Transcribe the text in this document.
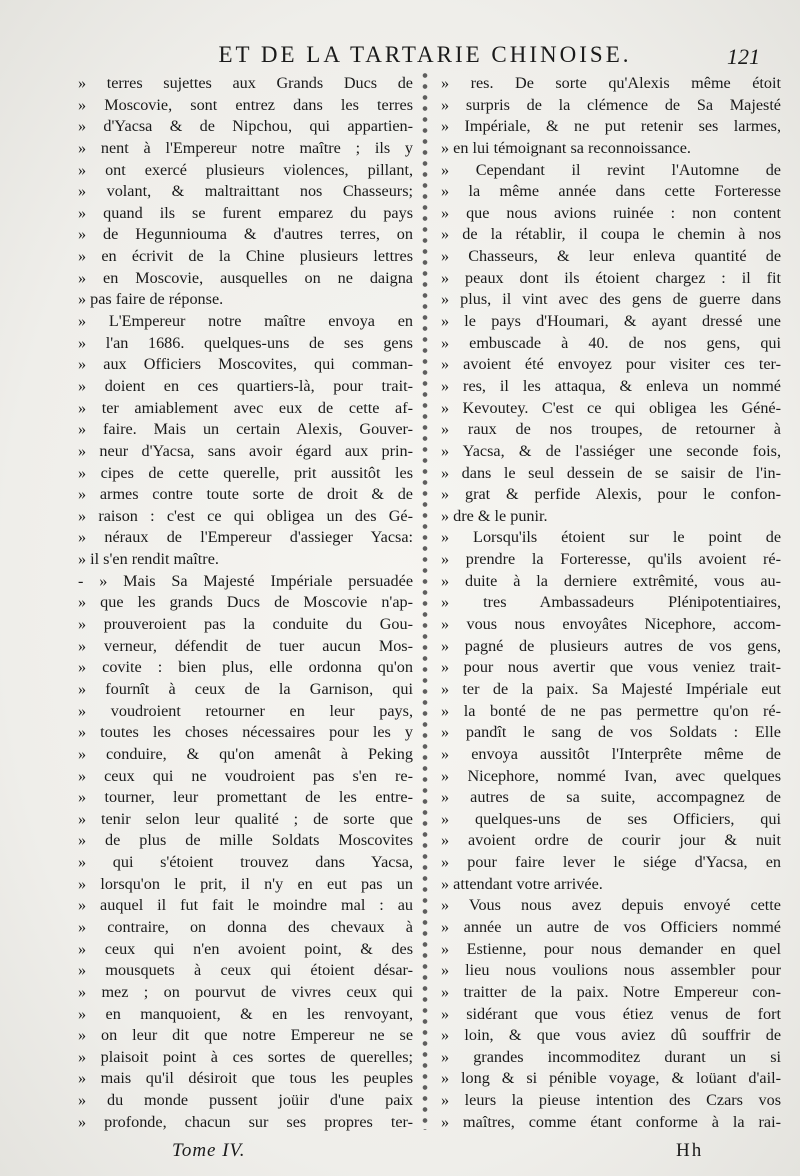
ET DE LA TARTARIE CHINOISE.	121
» terres sujettes aux Grands Ducs de
» Moscovie, sont entrez dans les terres
» d'Yacsa & de Nipchou, qui appartien-
» nent à l'Empereur notre maître ; ils y
» ont exercé plusieurs violences, pillant,
» volant, & maltraittant nos Chasseurs;
» quand ils se furent emparez du pays
» de Hegunniouma & d'autres terres, on
» en écrivit de la Chine plusieurs lettres
» en Moscovie, ausquelles on ne daigna
» pas faire de réponse.
» L'Empereur notre maître envoya en
» l'an 1686. quelques-uns de ses gens
» aux Officiers Moscovites, qui comman-
» doient en ces quartiers-là, pour trait-
» ter amiablement avec eux de cette af-
» faire. Mais un certain Alexis, Gouver-
» neur d'Yacsa, sans avoir égard aux prin-
» cipes de cette querelle, prit aussitôt les
» armes contre toute sorte de droit & de
» raison : c'est ce qui obligea un des Gé-
» néraux de l'Empereur d'assieger Yacsa:
» il s'en rendit maître.
- » Mais Sa Majesté Impériale persuadée
» que les grands Ducs de Moscovie n'ap-
» prouveroient pas la conduite du Gou-
» verneur, défendit de tuer aucun Mos-
» covite : bien plus, elle ordonna qu'on
» fournît à ceux de la Garnison, qui
» voudroient retourner en leur pays,
» toutes les choses nécessaires pour les y
» conduire, & qu'on amenât à Peking
» ceux qui ne voudroient pas s'en re-
» tourner, leur promettant de les entre-
» tenir selon leur qualité ; de sorte que
» de plus de mille Soldats Moscovites
» qui s'étoient trouvez dans Yacsa,
» lorsqu'on le prit, il n'y en eut pas un
» auquel il fut fait le moindre mal : au
» contraire, on donna des chevaux à
» ceux qui n'en avoient point, & des
» mousquets à ceux qui étoient désar-
» mez ; on pourvut de vivres ceux qui
» en manquoient, & en les renvoyant,
» on leur dit que notre Empereur ne se
» plaisoit point à ces sortes de querelles;
» mais qu'il désiroit que tous les peuples
» du monde pussent joüir d'une paix
» profonde, chacun sur ses propres ter-
» res. De sorte qu'Alexis même étoit
» surpris de la clémence de Sa Majesté
» Impériale, & ne put retenir ses larmes,
» en lui témoignant sa reconnoissance.
» Cependant il revint l'Automne de
» la même année dans cette Forteresse
» que nous avions ruinée : non content
» de la rétablir, il coupa le chemin à nos
» Chasseurs, & leur enleva quantité de
» peaux dont ils étoient chargez : il fit
» plus, il vint avec des gens de guerre dans
» le pays d'Houmari, & ayant dressé une
» embuscade à 40. de nos gens, qui
» avoient été envoyez pour visiter ces ter-
» res, il les attaqua, & enleva un nommé
» Kevoutey. C'est ce qui obligea les Géné-
» raux de nos troupes, de retourner à
» Yacsa, & de l'assiéger une seconde fois,
» dans le seul dessein de se saisir de l'in-
» grat & perfide Alexis, pour le confon-
» dre & le punir.
» Lorsqu'ils étoient sur le point de
» prendre la Forteresse, qu'ils avoient ré-
» duite à la derniere extrêmité, vous au-
» tres Ambassadeurs Plénipotentiaires,
» vous nous envoyâtes Nicephore, accom-
» pagné de plusieurs autres de vos gens,
» pour nous avertir que vous veniez trait-
» ter de la paix. Sa Majesté Impériale eut
» la bonté de ne pas permettre qu'on ré-
» pandît le sang de vos Soldats : Elle
» envoya aussitôt l'Interprête même de
» Nicephore, nommé Ivan, avec quelques
» autres de sa suite, accompagnez de
» quelques-uns de ses Officiers, qui
» avoient ordre de courir jour & nuit
» pour faire lever le siége d'Yacsa, en
» attendant votre arrivée.
» Vous nous avez depuis envoyé cette
» année un autre de vos Officiers nommé
» Estienne, pour nous demander en quel
» lieu nous voulions nous assembler pour
» traitter de la paix. Notre Empereur con-
» sidérant que vous étiez venus de fort
» loin, & que vous aviez dû souffrir de
» grandes incommoditez durant un si
» long & si pénible voyage, & loüant d'ail-
» leurs la pieuse intention des Czars vos
» maîtres, comme étant conforme à la rai-
Tome IV.	Hh
